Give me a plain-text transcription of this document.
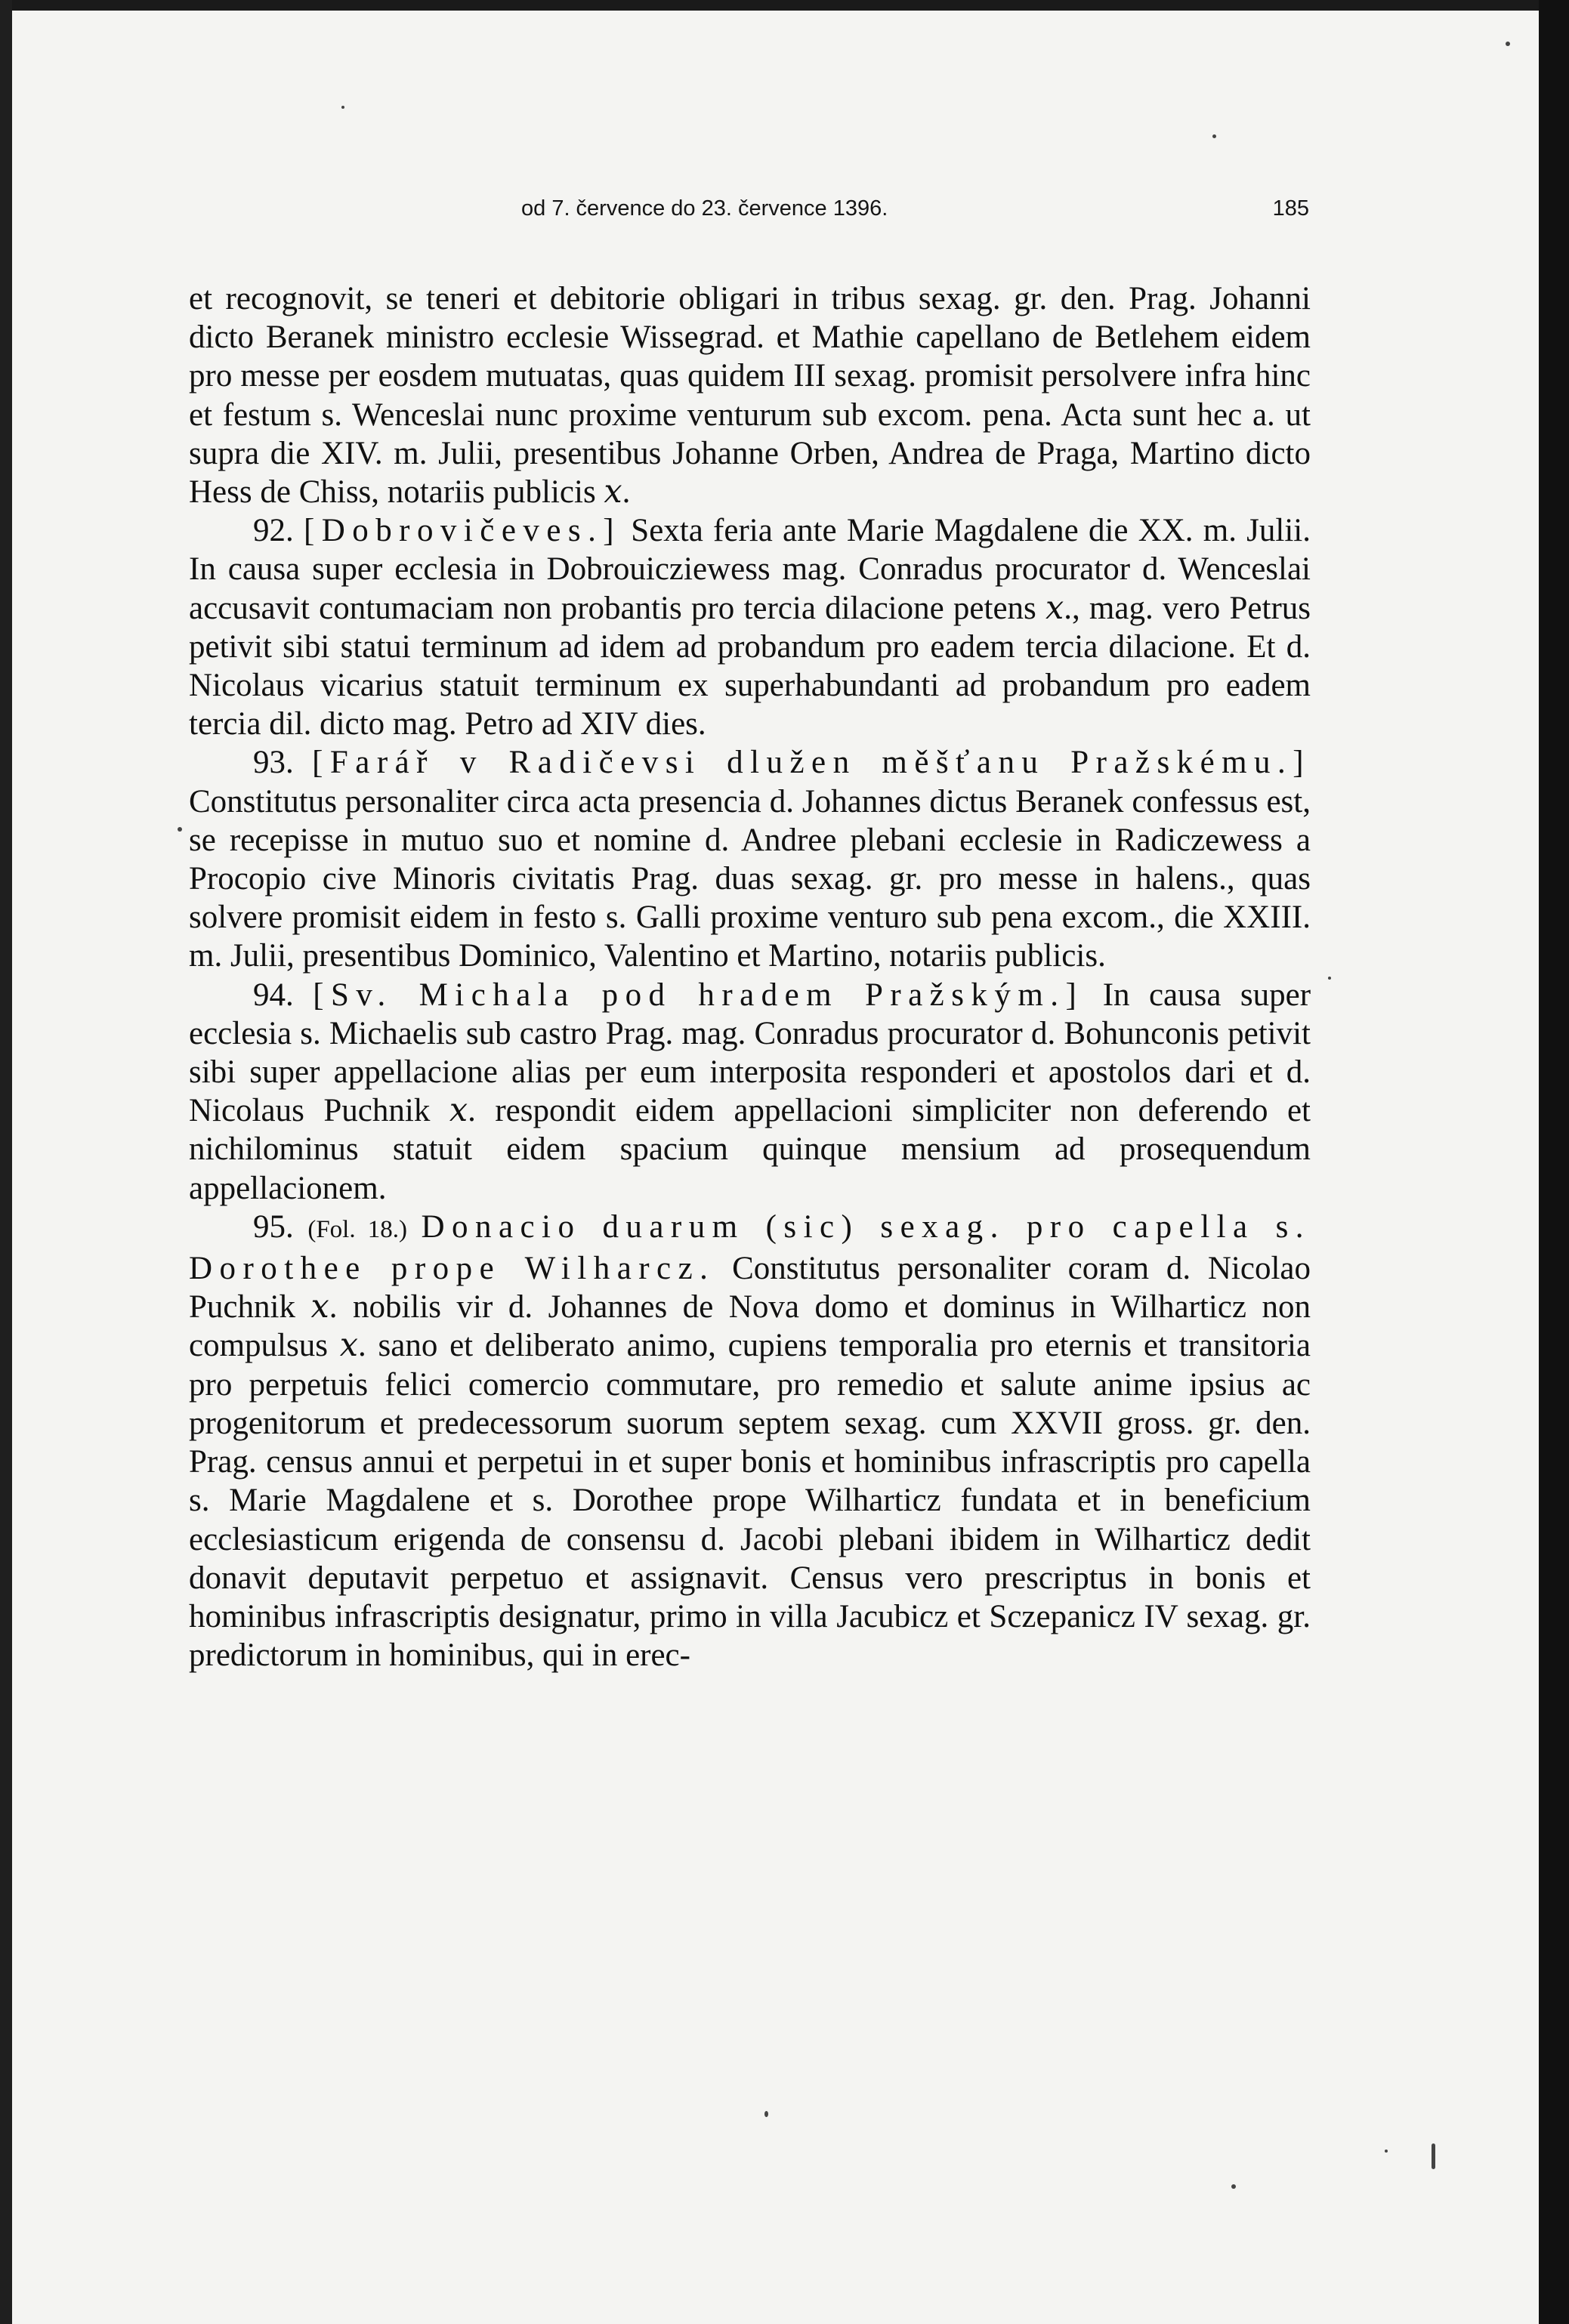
od 7. července do 23. července 1396.	185

et recognovit, se teneri et debitorie obligari in tribus sexag. gr. den. Prag. Johanni dicto Beranek ministro ecclesie Wissegrad. et Mathie capellano de Betlehem eidem pro messe per eosdem mutuatas, quas quidem III sexag. promisit persolvere infra hinc et festum s. Wenceslai nunc proxime venturum sub excom. pena. Acta sunt hec a. ut supra die XIV. m. Julii, presentibus Johanne Orben, Andrea de Praga, Martino dicto Hess de Chiss, notariis publicis 𝑥.

92. [Dobrovičeves.] Sexta feria ante Marie Magdalene die XX. m. Julii. In causa super ecclesia in Dobrouicziewess mag. Conradus procurator d. Wenceslai accusavit contumaciam non probantis pro tercia dilacione petens 𝑥., mag. vero Petrus petivit sibi statui terminum ad idem ad probandum pro eadem tercia dilacione. Et d. Nicolaus vicarius statuit terminum ex superhabundanti ad probandum pro eadem tercia dil. dicto mag. Petro ad XIV dies.

93. [Farář v Radičevsi dlužen měšťanu Pražskému.] Constitutus personaliter circa acta presencia d. Johannes dictus Beranek confessus est, se recepisse in mutuo suo et nomine d. Andree plebani ecclesie in Radiczewess a Procopio cive Minoris civitatis Prag. duas sexag. gr. pro messe in halens., quas solvere promisit eidem in festo s. Galli proxime venturo sub pena excom., die XXIII. m. Julii, presentibus Dominico, Valentino et Martino, notariis publicis.

94. [Sv. Michala pod hradem Pražským.] In causa super ecclesia s. Michaelis sub castro Prag. mag. Conradus procurator d. Bohunconis petivit sibi super appellacione alias per eum interposita responderi et apostolos dari et d. Nicolaus Puchnik 𝑥. respondit eidem appellacioni simpliciter non deferendo et nichilominus statuit eidem spacium quinque mensium ad prosequendum appellacionem.

95. (Fol. 18.) Donacio duarum (sic) sexag. pro capella s. Dorothee prope Wilharcz. Constitutus personaliter coram d. Nicolao Puchnik 𝑥. nobilis vir d. Johannes de Nova domo et dominus in Wilharticz non compulsus 𝑥. sano et deliberato animo, cupiens temporalia pro eternis et transitoria pro perpetuis felici comercio commutare, pro remedio et salute anime ipsius ac progenitorum et predecessorum suorum septem sexag. cum XXVII gross. gr. den. Prag. census annui et perpetui in et super bonis et hominibus infrascriptis pro capella s. Marie Magdalene et s. Dorothee prope Wilharticz fundata et in beneficium ecclesiasticum erigenda de consensu d. Jacobi plebani ibidem in Wilharticz dedit donavit deputavit perpetuo et assignavit. Census vero prescriptus in bonis et hominibus infrascriptis designatur, primo in villa Jacubicz et Sczepanicz IV sexag. gr. predictorum in hominibus, qui in erec-
